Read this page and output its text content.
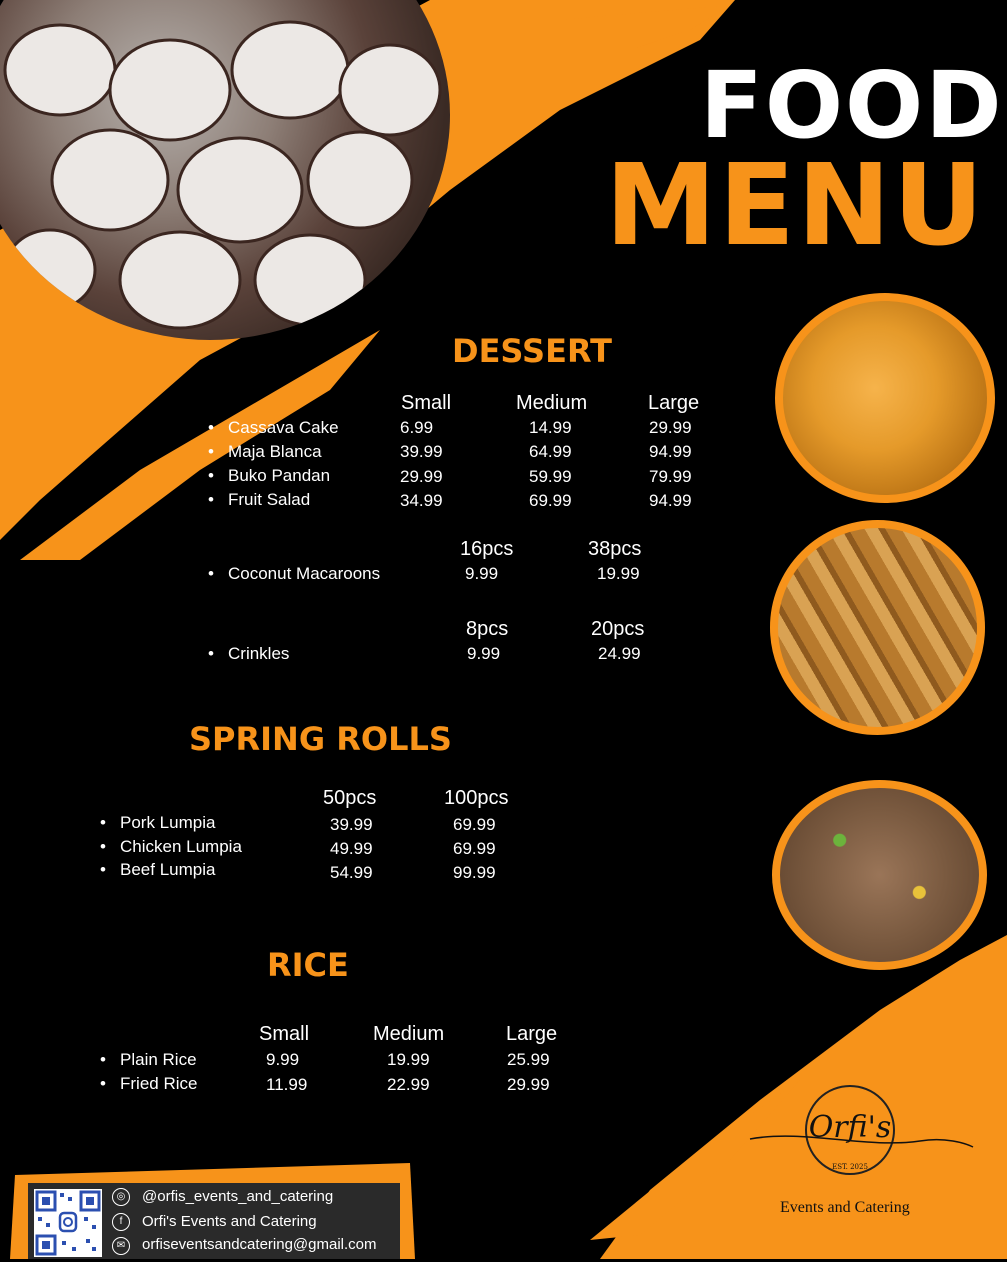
FOOD
MENU
DESSERT
Small	Medium	Large
• Cassava Cake	6.99	14.99	29.99
• Maja Blanca	39.99	64.99	94.99
• Buko Pandan	29.99	59.99	79.99
• Fruit Salad	34.99	69.99	94.99
16pcs	38pcs
• Coconut Macaroons	9.99	19.99
8pcs	20pcs
• Crinkles	9.99	24.99
SPRING ROLLS
50pcs	100pcs
• Pork Lumpia	39.99	69.99
• Chicken Lumpia	49.99	69.99
• Beef Lumpia	54.99	99.99
RICE
Small	Medium	Large
• Plain Rice	9.99	19.99	25.99
• Fried Rice	11.99	22.99	29.99
Orfi's
EST. 2025
Events and Catering
◎	@orfis_events_and_catering
f	Orfi's Events and Catering
✉	orfiseventsandcatering@gmail.com
